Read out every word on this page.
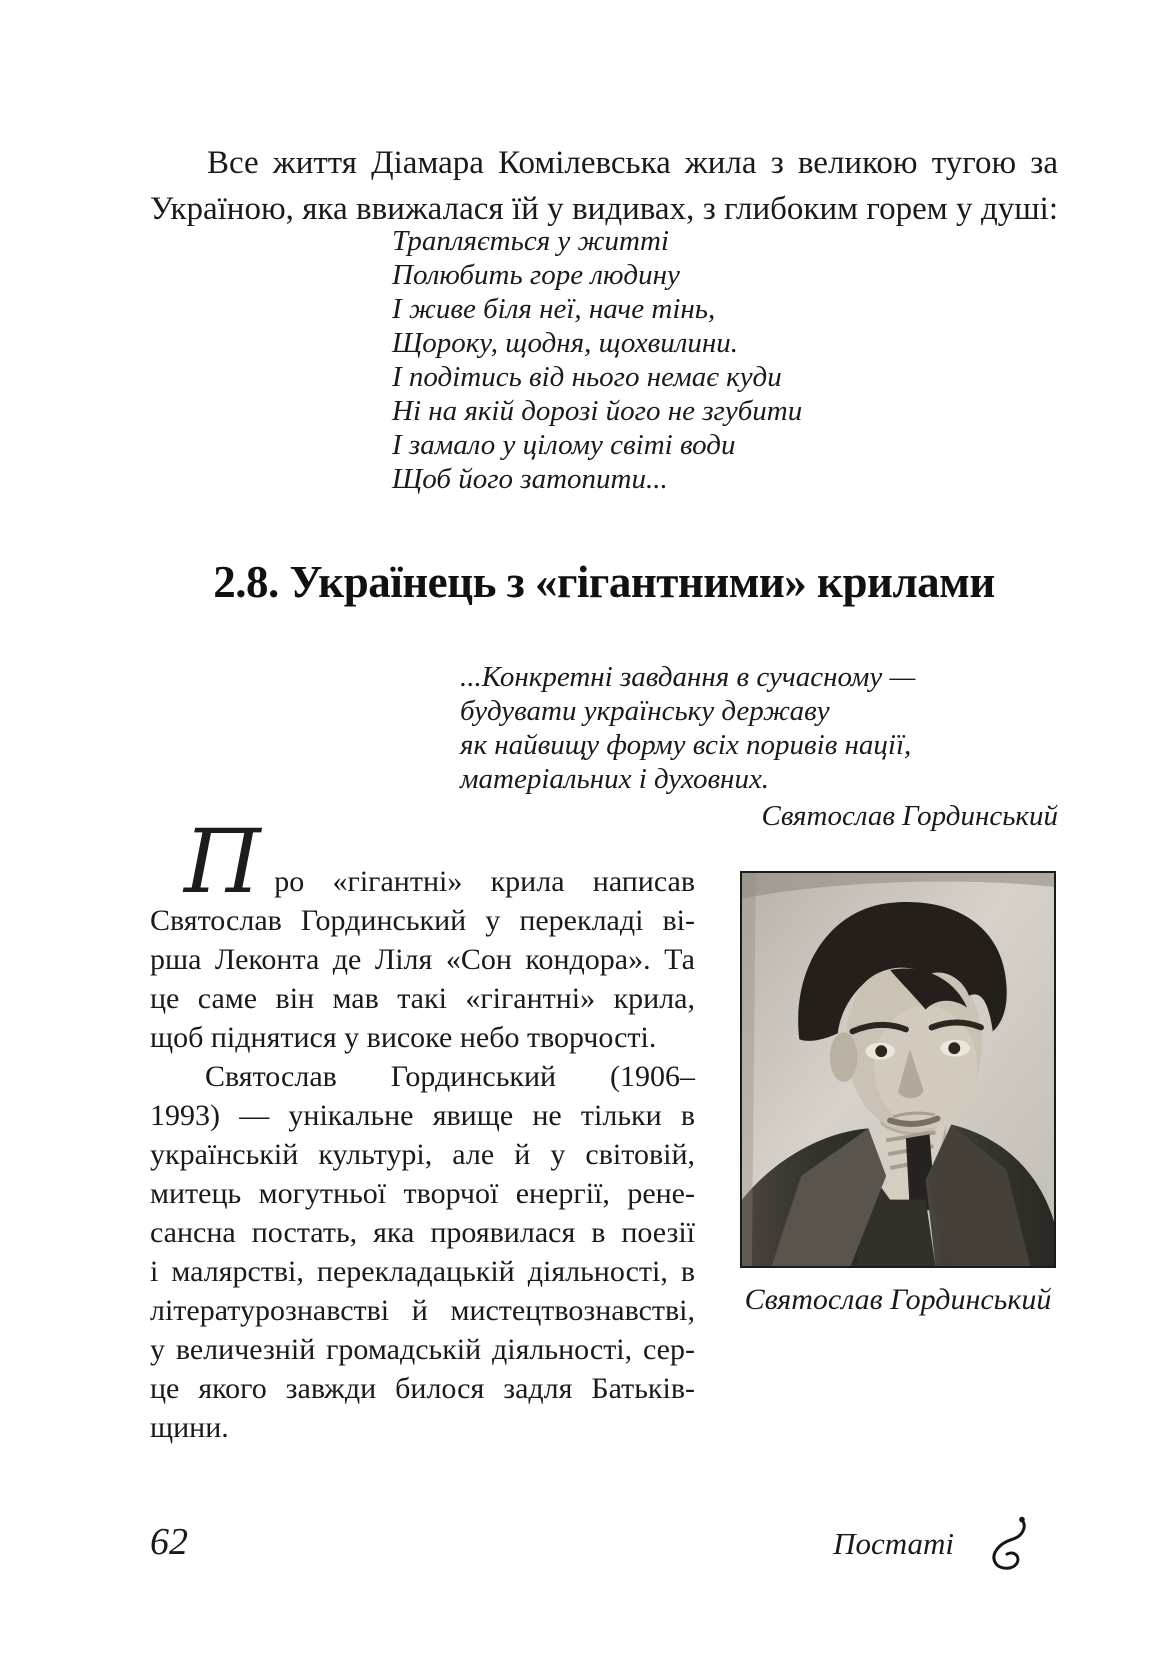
Все життя Діамара Комілевська жила з великою тугою за
Україною, яка ввижалася їй у видивах, з глибоким горем у душі:
Трапляється у житті
Полюбить горе людину
І живе біля неї, наче тінь,
Щороку, щодня, щохвилини.
І подітись від нього немає куди
Ні на якій дорозі його не згубити
І замало у цілому світі води
Щоб його затопити...
2.8. Українець з «гігантними» крилами
...Конкретні завдання в сучасному —
будувати українську державу
як найвищу форму всіх поривів нації,
матеріальних і духовних.
Святослав Гординський
П ро «гігантні» крила написав
Святослав Гординський у перекладі ві-
рша Леконта де Ліля «Сон кондора». Та
це саме він мав такі «гігантні» крила,
щоб піднятися у високе небо творчості.
Святослав Гординський (1906–
1993) — унікальне явище не тільки в
українській культурі, але й у світовій,
митець могутньої творчої енергії, рене-
сансна постать, яка проявилася в поезії
і малярстві, перекладацькій діяльності, в
літературознавстві й мистецтвознавстві,
у величезній громадській діяльності, сер-
це якого завжди билося задля Батьків-
щини.
Святослав Гординський
62	Постаті
